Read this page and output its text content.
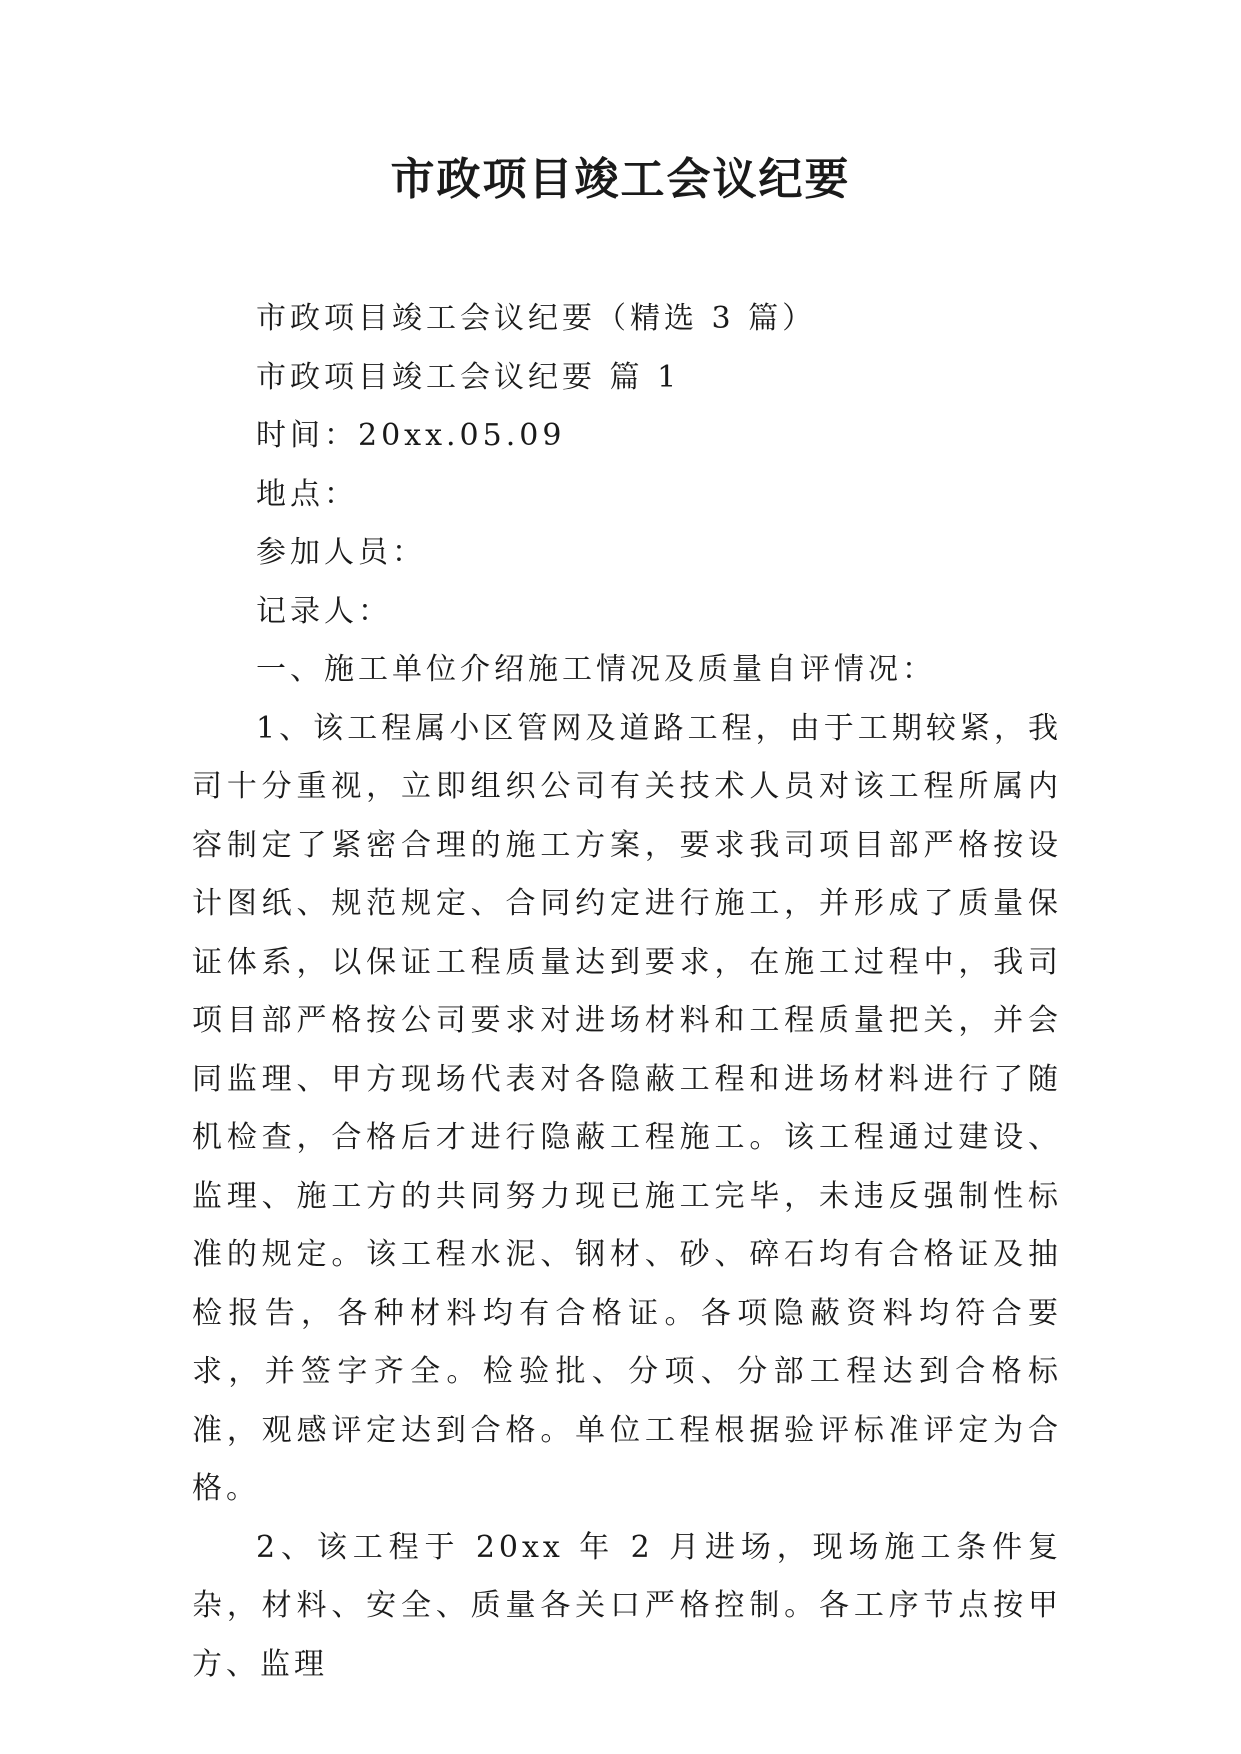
市政项目竣工会议纪要

市政项目竣工会议纪要（精选 3 篇）

市政项目竣工会议纪要 篇 1

时间：20xx.05.09

地点：

参加人员：

记录人：

一、施工单位介绍施工情况及质量自评情况：

1、该工程属小区管网及道路工程，由于工期较紧，我司十分重视，立即组织公司有关技术人员对该工程所属内容制定了紧密合理的施工方案，要求我司项目部严格按设计图纸、规范规定、合同约定进行施工，并形成了质量保证体系，以保证工程质量达到要求，在施工过程中，我司项目部严格按公司要求对进场材料和工程质量把关，并会同监理、甲方现场代表对各隐蔽工程和进场材料进行了随机检查，合格后才进行隐蔽工程施工。该工程通过建设、监理、施工方的共同努力现已施工完毕，未违反强制性标准的规定。该工程水泥、钢材、砂、碎石均有合格证及抽检报告，各种材料均有合格证。各项隐蔽资料均符合要求，并签字齐全。检验批、分项、分部工程达到合格标准，观感评定达到合格。单位工程根据验评标准评定为合格。

2、该工程于 20xx 年 2 月进场，现场施工条件复杂，材料、安全、质量各关口严格控制。各工序节点按甲方、监理
